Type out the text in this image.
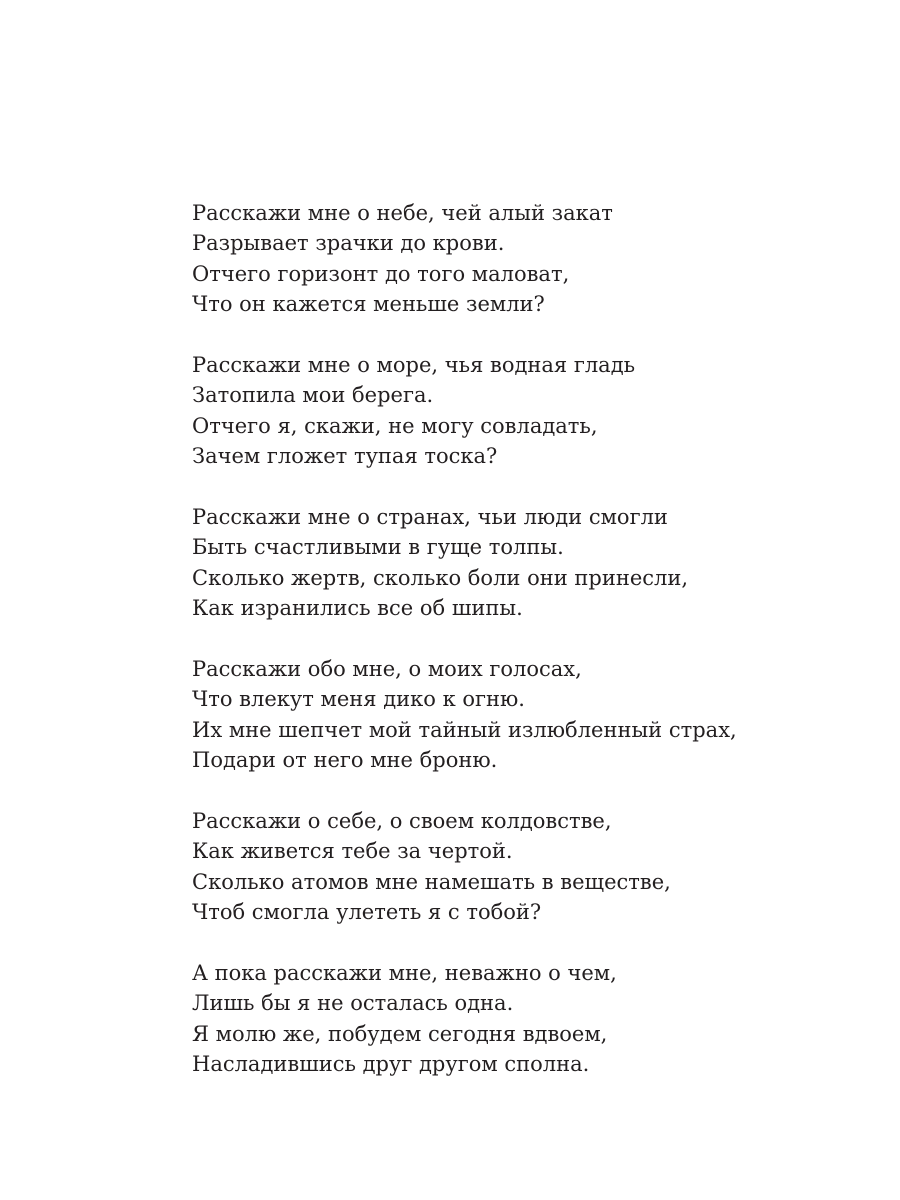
Расскажи мне о небе, чей алый закат
Разрывает зрачки до крови.
Отчего горизонт до того маловат,
Что он кажется меньше земли?
Расскажи мне о море, чья водная гладь
Затопила мои берега.
Отчего я, скажи, не могу совладать,
Зачем гложет тупая тоска?
Расскажи мне о странах, чьи люди смогли
Быть счастливыми в гуще толпы.
Сколько жертв, сколько боли они принесли,
Как изранились все об шипы.
Расскажи обо мне, о моих голосах,
Что влекут меня дико к огню.
Их мне шепчет мой тайный излюбленный страх,
Подари от него мне броню.
Расскажи о себе, о своем колдовстве,
Как живется тебе за чертой.
Сколько атомов мне намешать в веществе,
Чтоб смогла улететь я с тобой?
А пока расскажи мне, неважно о чем,
Лишь бы я не осталась одна.
Я молю же, побудем сегодня вдвоем,
Насладившись друг другом сполна.
